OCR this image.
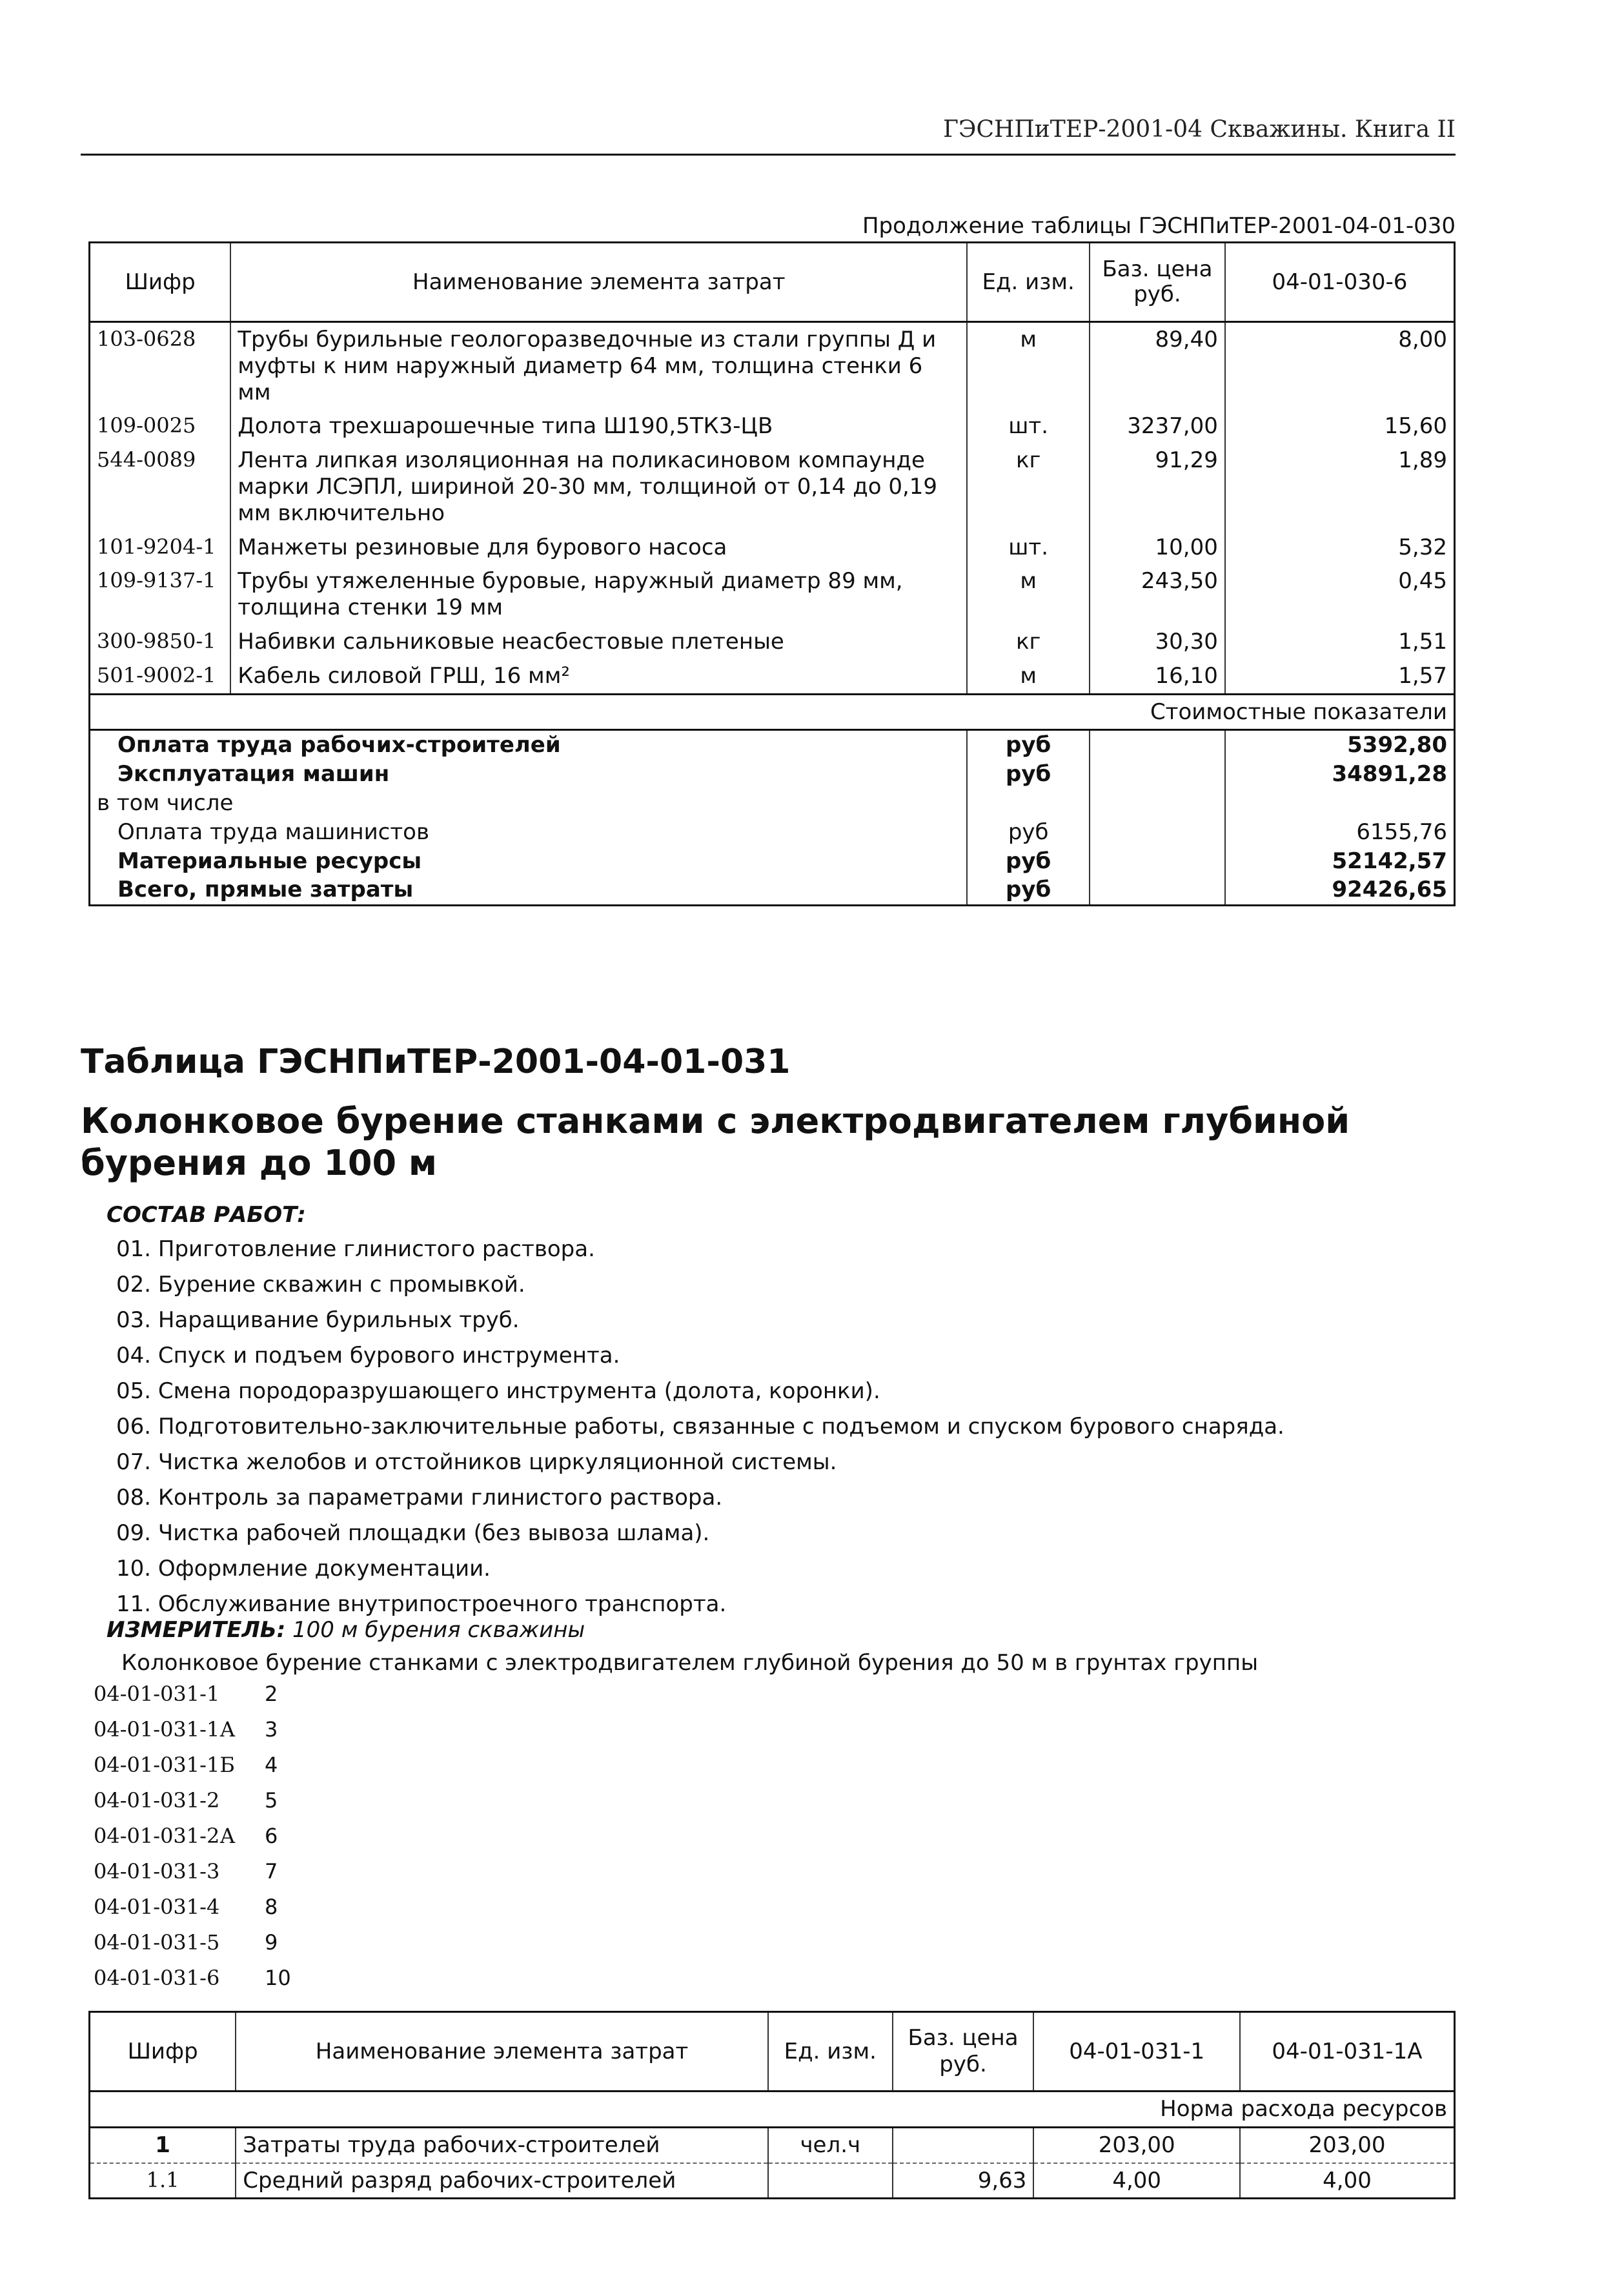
ГЭСНПиТЕР-2001-04 Скважины. Книга II
Продолжение таблицы ГЭСНПиТЕР-2001-04-01-030
Шифр	Наименование элемента затрат	Ед. изм.	Баз. цена руб.	04-01-030-6
103-0628	Трубы бурильные геологоразведочные из стали группы Д и муфты к ним наружный диаметр 64 мм, толщина стенки 6 мм	м	89,40	8,00
109-0025	Долота трехшарошечные типа Ш190,5ТК3-ЦВ	шт.	3237,00	15,60
544-0089	Лента липкая изоляционная на поликасиновом компаунде марки ЛСЭПЛ, шириной 20-30 мм, толщиной от 0,14 до 0,19 мм включительно	кг	91,29	1,89
101-9204-1	Манжеты резиновые для бурового насоса	шт.	10,00	5,32
109-9137-1	Трубы утяжеленные буровые, наружный диаметр 89 мм, толщина стенки 19 мм	м	243,50	0,45
300-9850-1	Набивки сальниковые неасбестовые плетеные	кг	30,30	1,51
501-9002-1	Кабель силовой ГРШ, 16 мм²	м	16,10	1,57
Стоимостные показатели				
Оплата труда рабочих-строителей		руб		5392,80
Эксплуатация машин		руб		34891,28
в том числе				
Оплата труда машинистов		руб		6155,76
Материальные ресурсы		руб		52142,57
Всего, прямые затраты		руб		92426,65
Таблица ГЭСНПиТЕР-2001-04-01-031
Колонковое бурение станками с электродвигателем глубиной бурения до 100 м
СОСТАВ РАБОТ:
01. Приготовление глинистого раствора.
02. Бурение скважин с промывкой.
03. Наращивание бурильных труб.
04. Спуск и подъем бурового инструмента.
05. Смена породоразрушающего инструмента (долота, коронки).
06. Подготовительно-заключительные работы, связанные с подъемом и спуском бурового снаряда.
07. Чистка желобов и отстойников циркуляционной системы.
08. Контроль за параметрами глинистого раствора.
09. Чистка рабочей площадки (без вывоза шлама).
10. Оформление документации.
11. Обслуживание внутрипостроечного транспорта.
ИЗМЕРИТЕЛЬ: 100 м бурения скважины
Колонковое бурение станками с электродвигателем глубиной бурения до 50 м в грунтах группы
04-01-031-1	2
04-01-031-1А	3
04-01-031-1Б	4
04-01-031-2	5
04-01-031-2А	6
04-01-031-3	7
04-01-031-4	8
04-01-031-5	9
04-01-031-6	10
Шифр	Наименование элемента затрат	Ед. изм.	Баз. цена руб.	04-01-031-1	04-01-031-1А
Норма расхода ресурсов					
1	Затраты труда рабочих-строителей	чел.ч		203,00	203,00
1.1	Средний разряд рабочих-строителей		9,63	4,00	4,00
